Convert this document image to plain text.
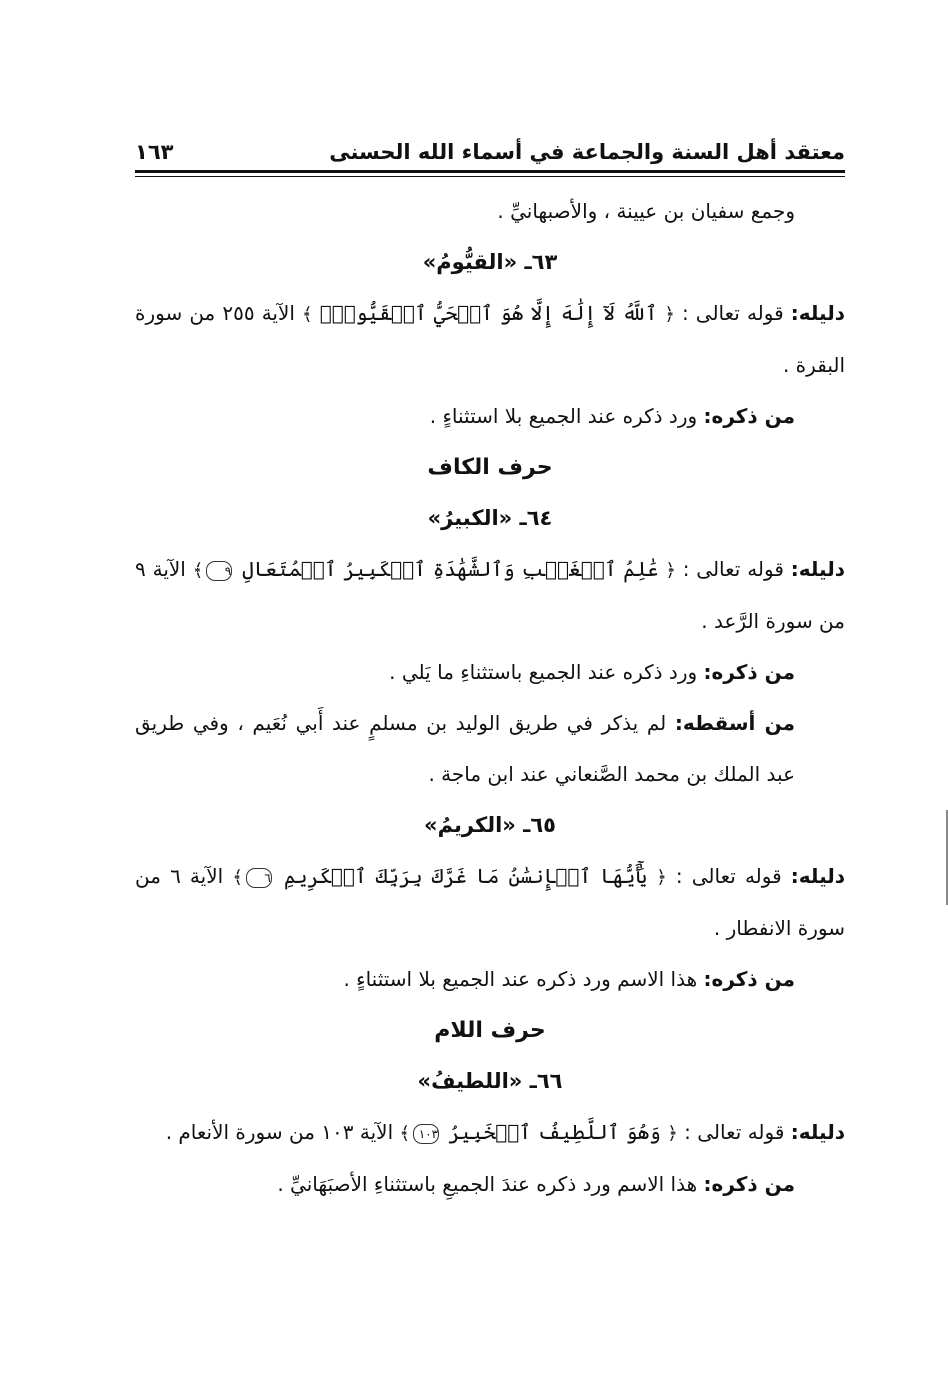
معتقد أهل السنة والجماعة في أسماء الله الحسنى
١٦٣

وجمع سفيان بن عيينة ، والأصبهانيِّ .

٦٣ـ «القيُّومُ»

دليله: قوله تعالى : ﴿ ٱللَّهُ لَآ إِلَٰهَ إِلَّا هُوَ ٱلۡحَيُّ ٱلۡقَيُّومُۚ ﴾ الآية ٢٥٥ من سورة البقرة .

من ذكره: ورد ذكره عند الجميع بلا استثناءٍ .

حرف الكاف

٦٤ـ «الكبيرُ»

دليله: قوله تعالى : ﴿ عَٰلِمُ ٱلۡغَيۡبِ وَٱلشَّهَٰدَةِ ٱلۡكَبِيرُ ٱلۡمُتَعَالِ ٩﴾ الآية ٩ من سورة الرَّعد .

من ذكره: ورد ذكره عند الجميع باستثناءِ ما يَلي .

من أسقطه: لم يذكر في طريق الوليد بن مسلمٍ عند أَبي نُعَيم ، وفي طريق عبد الملك بن محمد الصَّنعاني عند ابن ماجة .

٦٥ـ «الكريمُ»

دليله: قوله تعالى : ﴿ يَٰٓأَيُّهَا ٱلۡإِنسَٰنُ مَا غَرَّكَ بِرَبِّكَ ٱلۡكَرِيمِ ٦﴾ الآية ٦ من سورة الانفطار .

من ذكره: هذا الاسم ورد ذكره عند الجميع بلا استثناءٍ .

حرف اللام

٦٦ـ «اللطيفُ»

دليله: قوله تعالى : ﴿ وَهُوَ ٱللَّطِيفُ ٱلۡخَبِيرُ ١٠٣﴾ الآية ١٠٣ من سورة الأنعام .

من ذكره: هذا الاسم ورد ذكره عندَ الجميعِ باستثناءِ الأصبَهَانيِّ .
